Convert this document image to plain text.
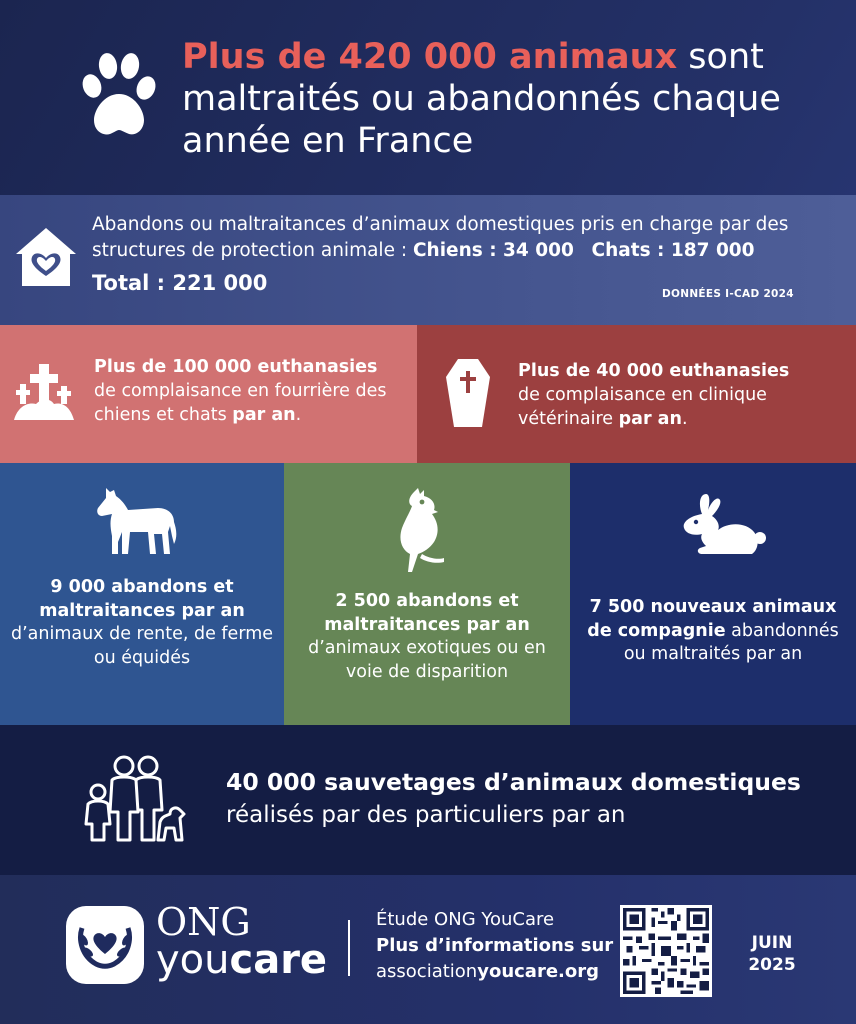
Plus de 420 000 animaux sont maltraités ou abandonnés chaque année en France
Abandons ou maltraitances d’animaux domestiques pris en charge par des structures de protection animale : Chiens : 34 000 Chats : 187 000
Total : 221 000	DONNÉES I-CAD 2024
Plus de 100 000 euthanasies
de complaisance en fourrière des chiens et chats par an.
Plus de 40 000 euthanasies
de complaisance en clinique vétérinaire par an.
9 000 abandons et maltraitances par an
d’animaux de rente, de ferme ou équidés
2 500 abandons et maltraitances par an
d’animaux exotiques ou en voie de disparition
7 500 nouveaux animaux de compagnie abandonnés ou maltraités par an
40 000 sauvetages d’animaux domestiques
réalisés par des particuliers par an
ONG
youcare
Étude ONG YouCare
Plus d’informations sur
associationyoucare.org
JUIN
2025
